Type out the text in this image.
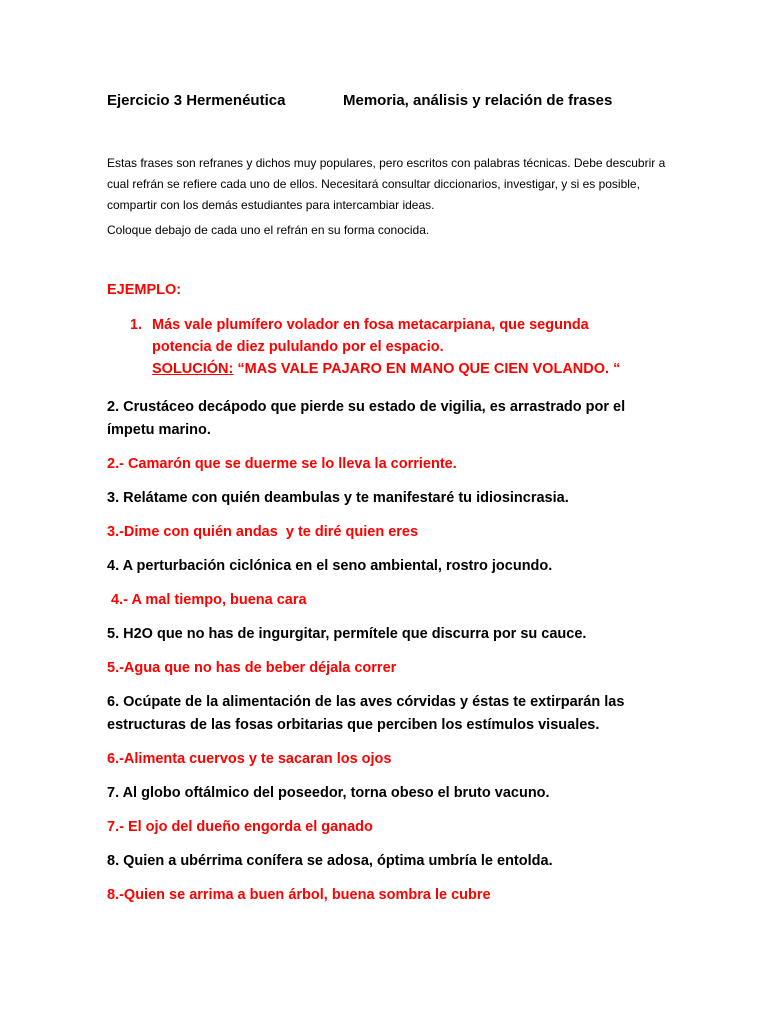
Ejercicio 3 Hermenéutica	Memoria, análisis y relación de frases

Estas frases son refranes y dichos muy populares, pero escritos con palabras técnicas. Debe descubrir a cual refrán se refiere cada uno de ellos. Necesitará consultar diccionarios, investigar, y si es posible, compartir con los demás estudiantes para intercambiar ideas.

Coloque debajo de cada uno el refrán en su forma conocida.
EJEMPLO:
1. Más vale plumífero volador en fosa metacarpiana, que segunda potencia de diez pululando por el espacio.
SOLUCIÓN: “MAS VALE PAJARO EN MANO QUE CIEN VOLANDO. “

2. Crustáceo decápodo que pierde su estado de vigilia, es arrastrado por el ímpetu marino.

2.- Camarón que se duerme se lo lleva la corriente.

3. Relátame con quién deambulas y te manifestaré tu idiosincrasia.

3.-Dime con quién andas  y te diré quien eres

4. A perturbación ciclónica en el seno ambiental, rostro jocundo.

4.- A mal tiempo, buena cara

5. H2O que no has de ingurgitar, permítele que discurra por su cauce.

5.-Agua que no has de beber déjala correr

6. Ocúpate de la alimentación de las aves córvidas y éstas te extirparán las estructuras de las fosas orbitarias que perciben los estímulos visuales.

6.-Alimenta cuervos y te sacaran los ojos

7. Al globo oftálmico del poseedor, torna obeso el bruto vacuno.

7.- El ojo del dueño engorda el ganado

8. Quien a ubérrima conífera se adosa, óptima umbría le entolda.

8.-Quien se arrima a buen árbol, buena sombra le cubre
